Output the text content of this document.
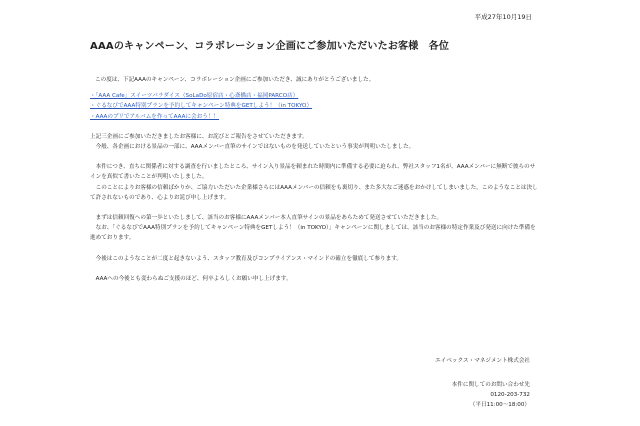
平成27年10月19日
AAAのキャンペーン、コラボレーション企画にご参加いただいたお客様　各位

この度は、下記AAAのキャンペーン、コラボレーション企画にご参加いただき、誠にありがとうございました。

・「AAA Cafe」スイーツパラダイス（SoLaDo原宿店・心斎橋店・福岡PARCO店）

・ぐるなびでAAA特別プランを予約してキャンペーン特典をGETしよう！（in TOKYO）

・AAAのプリでアルバムを作ってAAAに会おう！！

上記三企画にご参加いただきましたお客様に、お詫びとご報告をさせていただきます。

　今般、各企画における景品の一部に、AAAメンバー直筆のサインではないものを発送していたという事実が判明いたしました。

　本件につき、直ちに関係者に対する調査を行いましたところ、サイン入り景品を頼まれた時間内に準備する必要に迫られ、弊社スタッフ1名が、AAAメンバーに無断で彼らのサインを真似て書いたことが判明いたしました。

　このことによりお客様の信頼ばかりか、ご協力いただいた企業様さらにはAAAメンバーの信頼をも裏切り、また多大なご迷惑をおかけしてしまいました。このようなことは決して許されないものであり、心よりお詫び申し上げます。

　まずは信頼回復への第一歩といたしまして、該当のお客様にAAAメンバー本人直筆サインの景品をあらためて発送させていただきました。

　なお、「ぐるなびでAAA特別プランを予約してキャンペーン特典をGETしよう！（in TOKYO）」キャンペーンに関しましては、該当のお客様の特定作業及び発送に向けた準備を進めております。

　今後はこのようなことが二度と起きないよう、スタッフ教育及びコンプライアンス・マインドの確立を徹底して参ります。

　AAAへの今後とも変わらぬご支援のほど、何卒よろしくお願い申し上げます。

エイベックス・マネジメント株式会社
本件に関してのお問い合わせ先
0120-203-732
（平日11:00～18:00）
